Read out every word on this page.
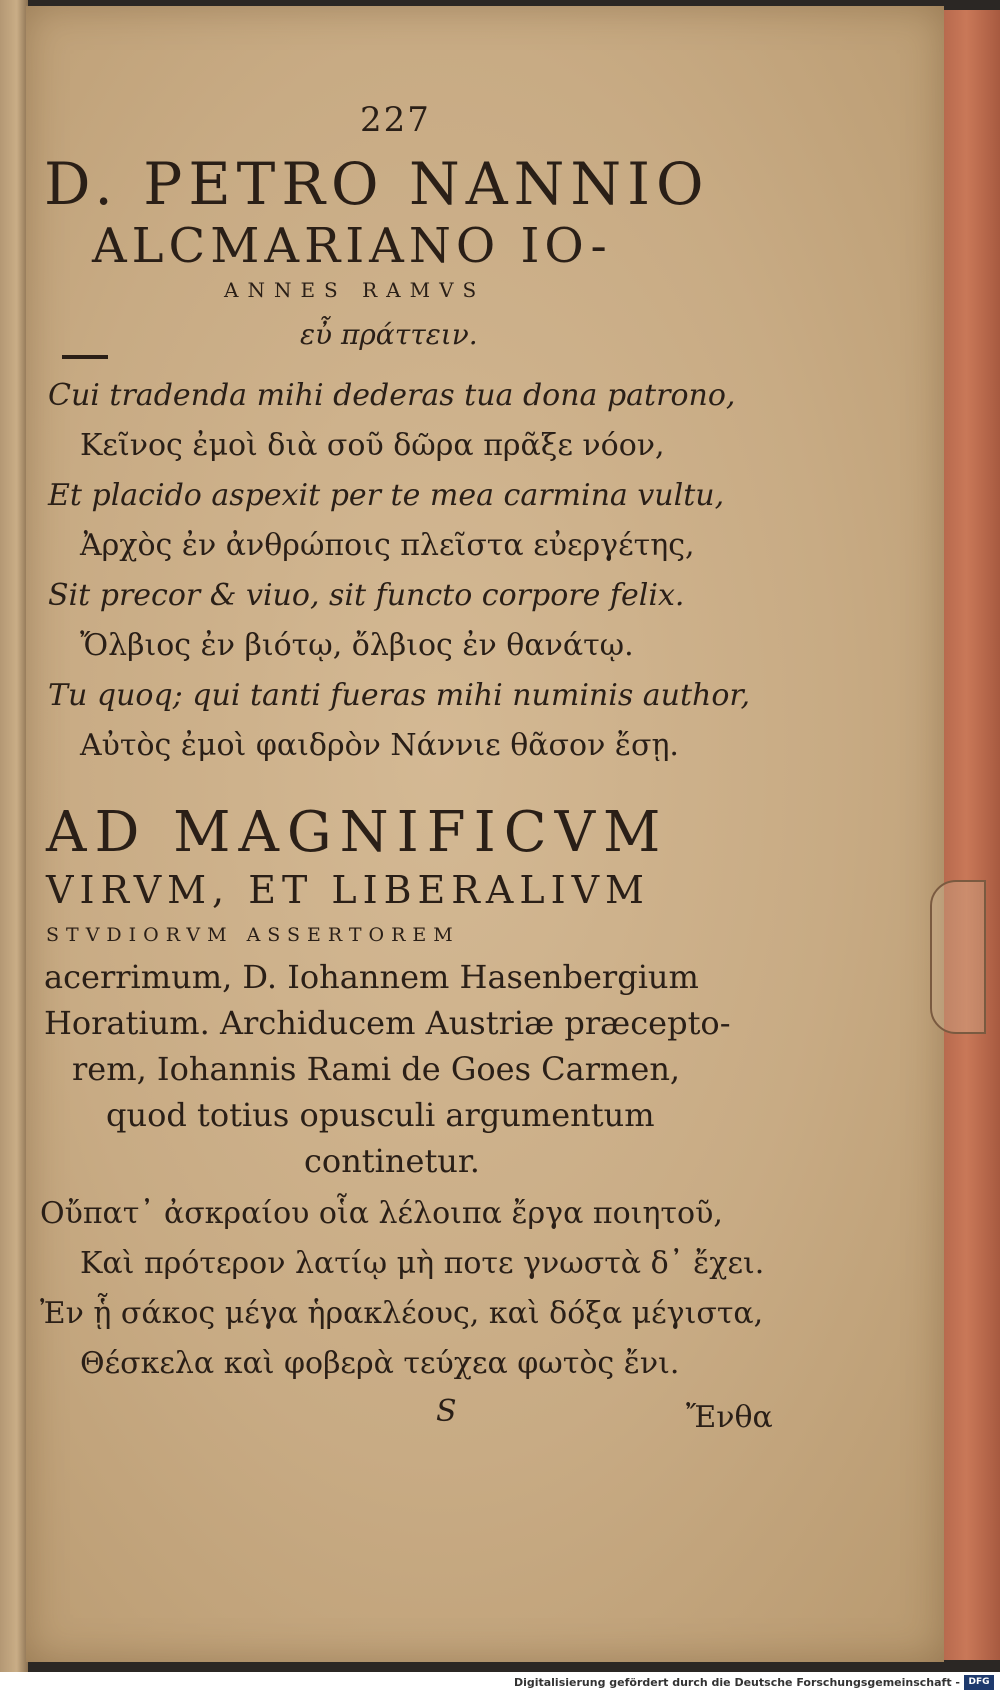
227
D. PETRO NANNIO
ALCMARIANO IO-
ANNES RAMVS
εὖ πράττειν.
Cui tradenda mihi dederas tua dona patrono,
Κεῖνος ἐμοὶ διὰ σοῦ δῶρα πρᾶξε νόον,
Et placido aspexit per te mea carmina vultu,
Ἀρχὸς ἐν ἀνθρώποις πλεῖστα εὐεργέτης,
Sit precor & viuo, sit functo corpore felix.
Ὄλβιος ἐν βιότῳ, ὄλβιος ἐν θανάτῳ.
Tu quoq; qui tanti fueras mihi numinis author,
Αὐτὸς ἐμοὶ φαιδρὸν Νάννιε θᾶσον ἔσῃ.
AD MAGNIFICVM
VIRVM, ET LIBERALIVM
STVDIORVM ASSERTOREM
acerrimum, D. Iohannem Hasenbergium
Horatium. Archiducem Austriæ præcepto-
rem, Iohannis Rami de Goes Carmen,
quod totius opusculi argumentum
continetur.
Οὔπατ᾽ ἀσκραίου οἷα λέλοιπα ἔργα ποιητοῦ,
Καὶ πρότερον λατίῳ μὴ ποτε γνωστὰ δ᾽ ἔχει.
Ἐν ᾗ σάκος μέγα ἡρακλέους, καὶ δόξα μέγιστα,
Θέσκελα καὶ φοβερὰ τεύχεα φωτὸς ἔνι.
S	Ἔνθα
Digitalisierung gefördert durch die Deutsche Forschungsgemeinschaft - DFG
